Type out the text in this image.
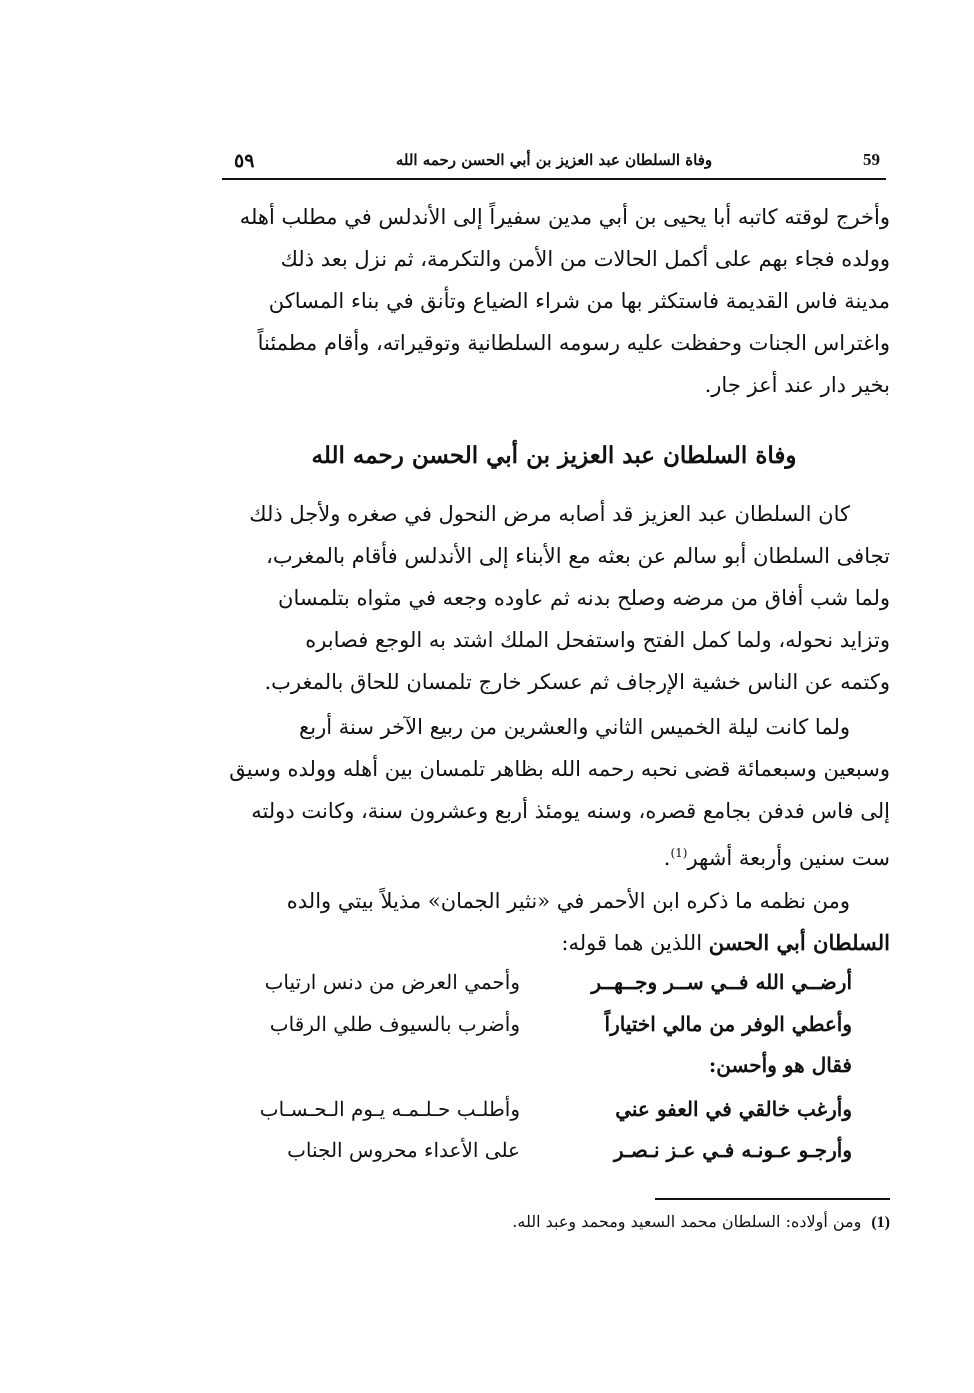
٥٩	وفاة السلطان عبد العزيز بن أبي الحسن رحمه الله	59

وأخرج لوقته كاتبه أبا يحيى بن أبي مدين سفيراً إلى الأندلس في مطلب أهله

وولده فجاء بهم على أكمل الحالات من الأمن والتكرمة، ثم نزل بعد ذلك

مدينة فاس القديمة فاستكثر بها من شراء الضياع وتأنق في بناء المساكن

واغتراس الجنات وحفظت عليه رسومه السلطانية وتوقيراته، وأقام مطمئناً

بخير دار عند أعز جار.

وفاة السلطان عبد العزيز بن أبي الحسن رحمه الله

كان السلطان عبد العزيز قد أصابه مرض النحول في صغره ولأجل ذلك

تجافى السلطان أبو سالم عن بعثه مع الأبناء إلى الأندلس فأقام بالمغرب،

ولما شب أفاق من مرضه وصلح بدنه ثم عاوده وجعه في مثواه بتلمسان

وتزايد نحوله، ولما كمل الفتح واستفحل الملك اشتد به الوجع فصابره

وكتمه عن الناس خشية الإرجاف ثم عسكر خارج تلمسان للحاق بالمغرب.

ولما كانت ليلة الخميس الثاني والعشرين من ربيع الآخر سنة أربع

وسبعين وسبعمائة قضى نحبه رحمه الله بظاهر تلمسان بين أهله وولده وسيق

إلى فاس فدفن بجامع قصره، وسنه يومئذ أربع وعشرون سنة، وكانت دولته

ست سنين وأربعة أشهر$^{(1)}$.

ومن نظمه ما ذكره ابن الأحمر في «نثير الجمان» مذيلاً بيتي والده

السلطان أبي الحسن اللذين هما قوله:

أرضــي الله فــي ســر وجــهــر
وأحمي العرض من دنس ارتياب
وأعطي الوفر من مالي اختياراً
وأضرب بالسيوف طلي الرقاب
فقال هو وأحسن:
وأرغب خالقي في العفو عني
وأطلـب حـلـمـه يـوم الـحـسـاب
وأرجـو عـونـه فـي عـز نـصـر
على الأعداء محروس الجناب
(1)ومن أولاده: السلطان محمد السعيد ومحمد وعبد الله.
